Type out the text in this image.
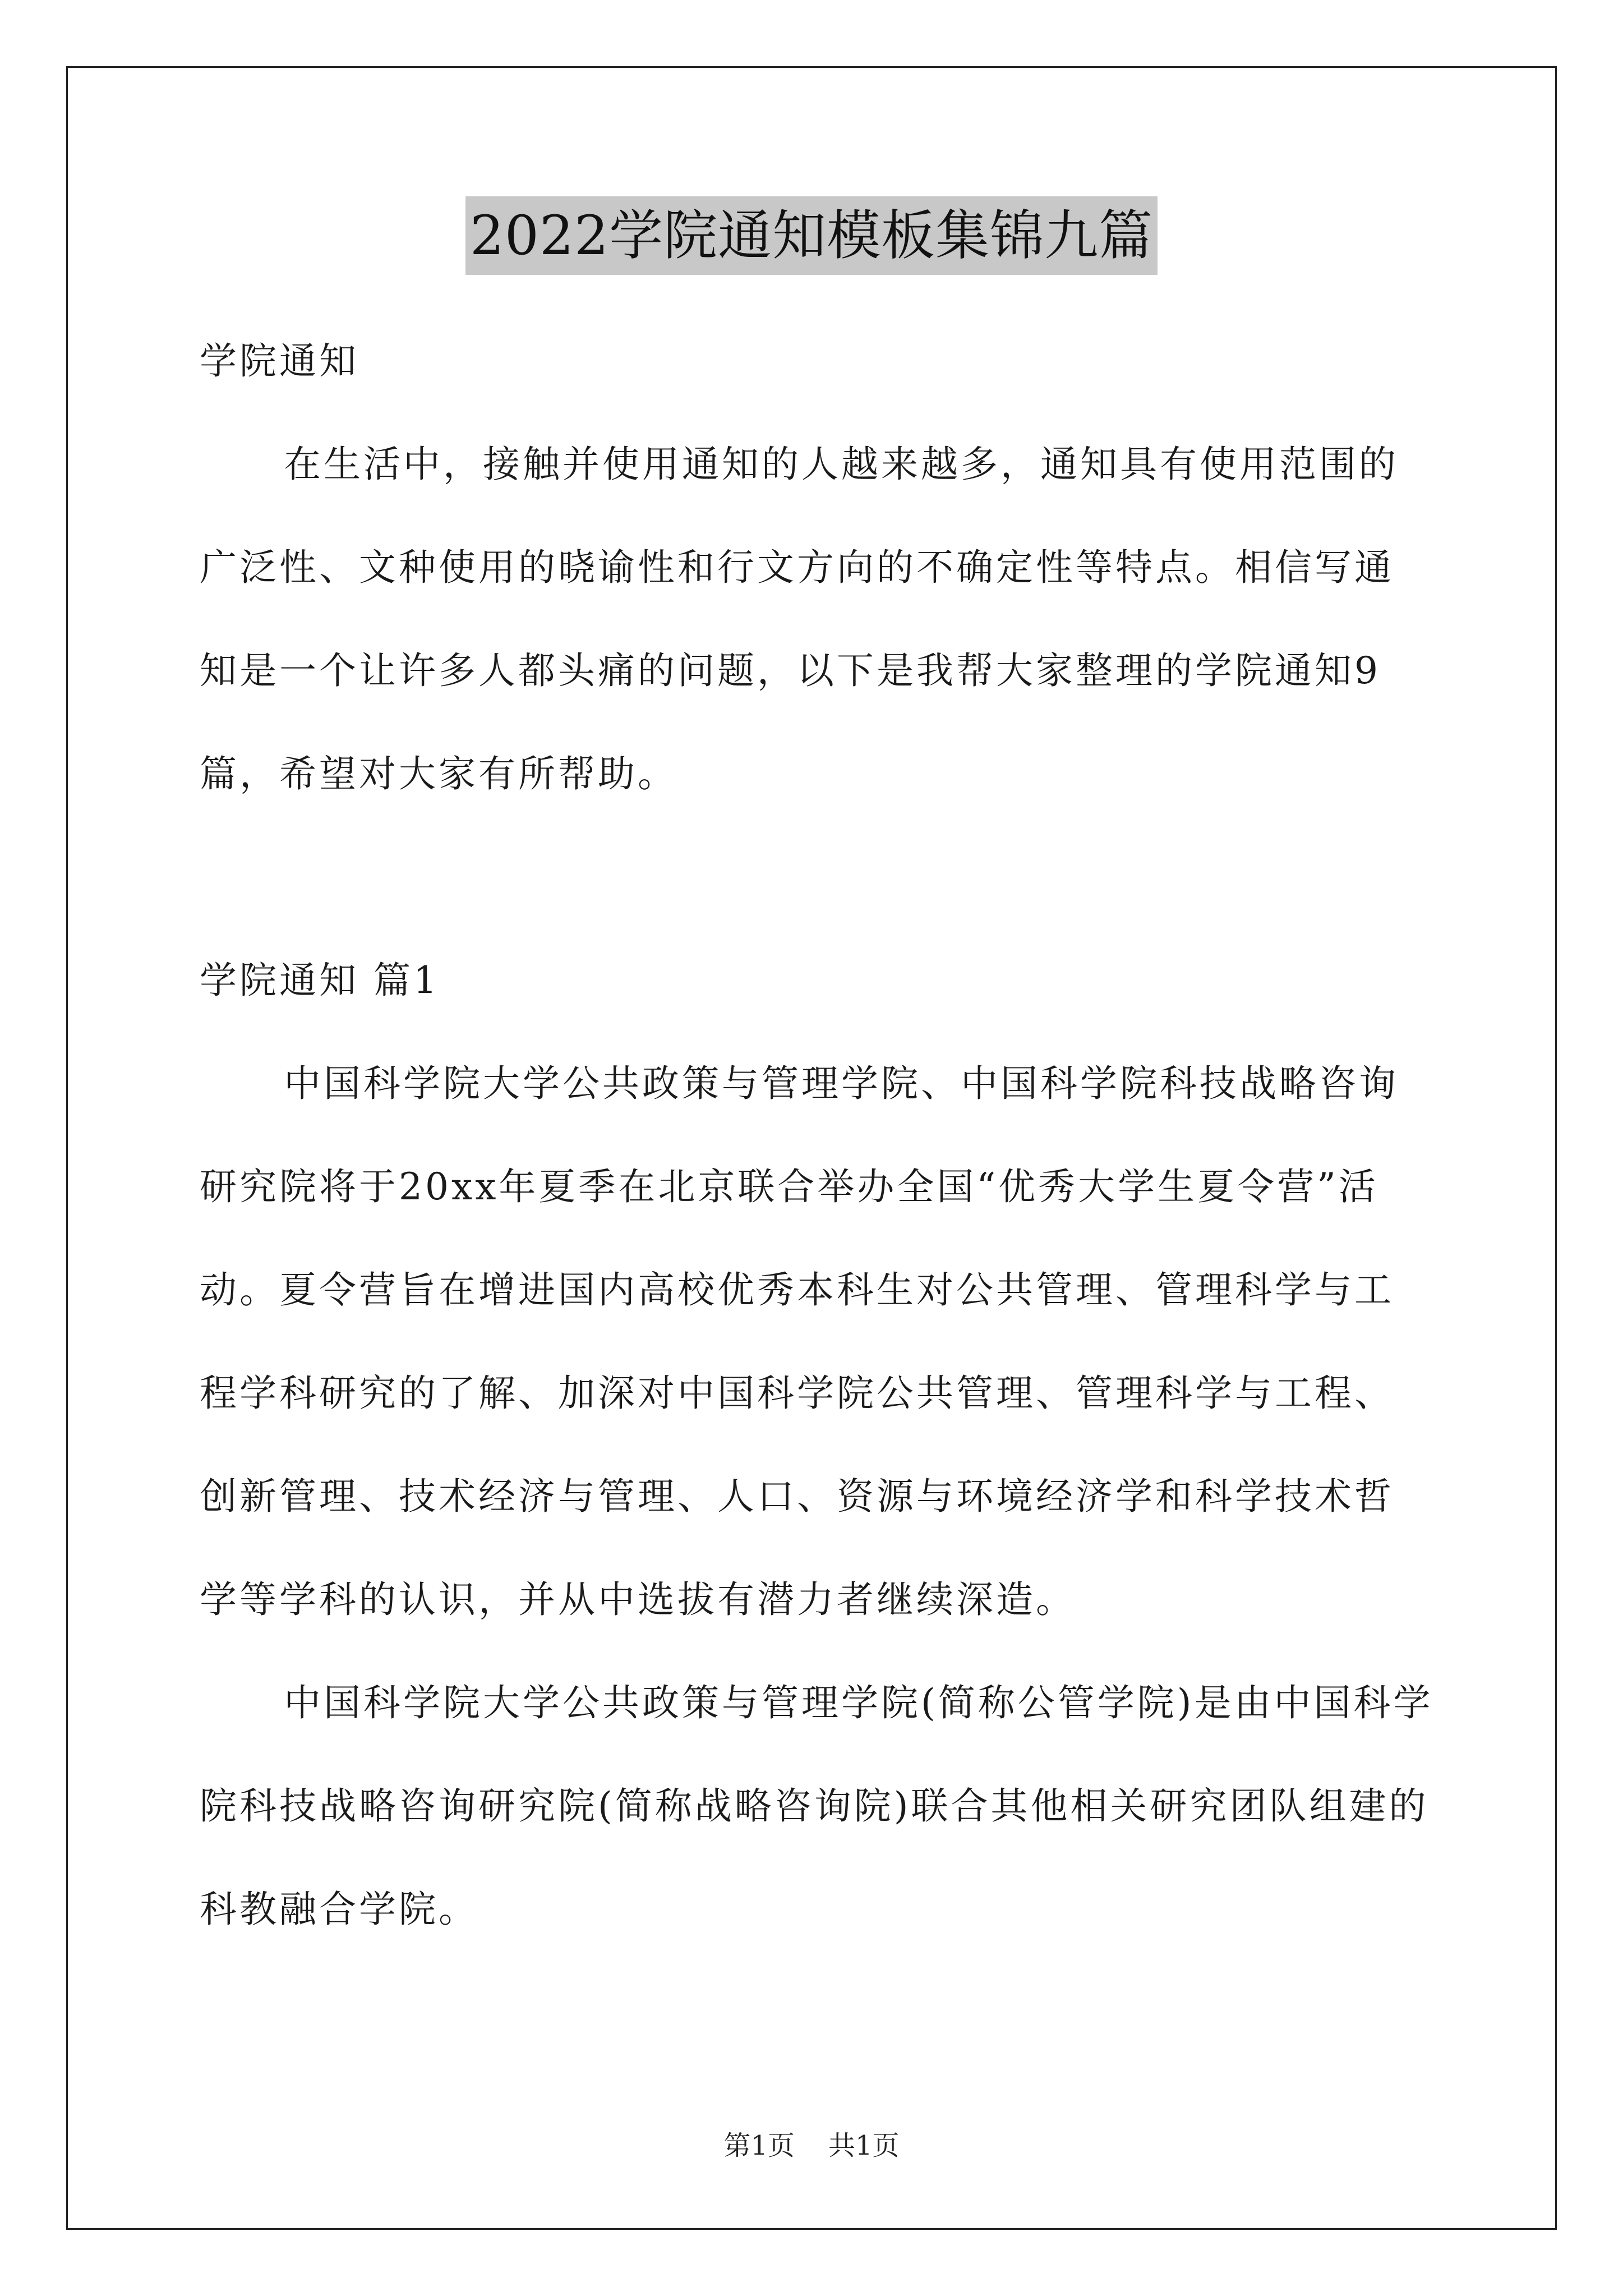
2022学院通知模板集锦九篇

学院通知

在生活中，接触并使用通知的人越来越多，通知具有使用范围的广泛性、文种使用的晓谕性和行文方向的不确定性等特点。相信写通知是一个让许多人都头痛的问题，以下是我帮大家整理的学院通知9篇，希望对大家有所帮助。

学院通知 篇1

中国科学院大学公共政策与管理学院、中国科学院科技战略咨询研究院将于20xx年夏季在北京联合举办全国“优秀大学生夏令营”活动。夏令营旨在增进国内高校优秀本科生对公共管理、管理科学与工程学科研究的了解、加深对中国科学院公共管理、管理科学与工程、创新管理、技术经济与管理、人口、资源与环境经济学和科学技术哲学等学科的认识，并从中选拔有潜力者继续深造。

中国科学院大学公共政策与管理学院(简称公管学院)是由中国科学院科技战略咨询研究院(简称战略咨询院)联合其他相关研究团队组建的科教融合学院。

第1页 共1页
